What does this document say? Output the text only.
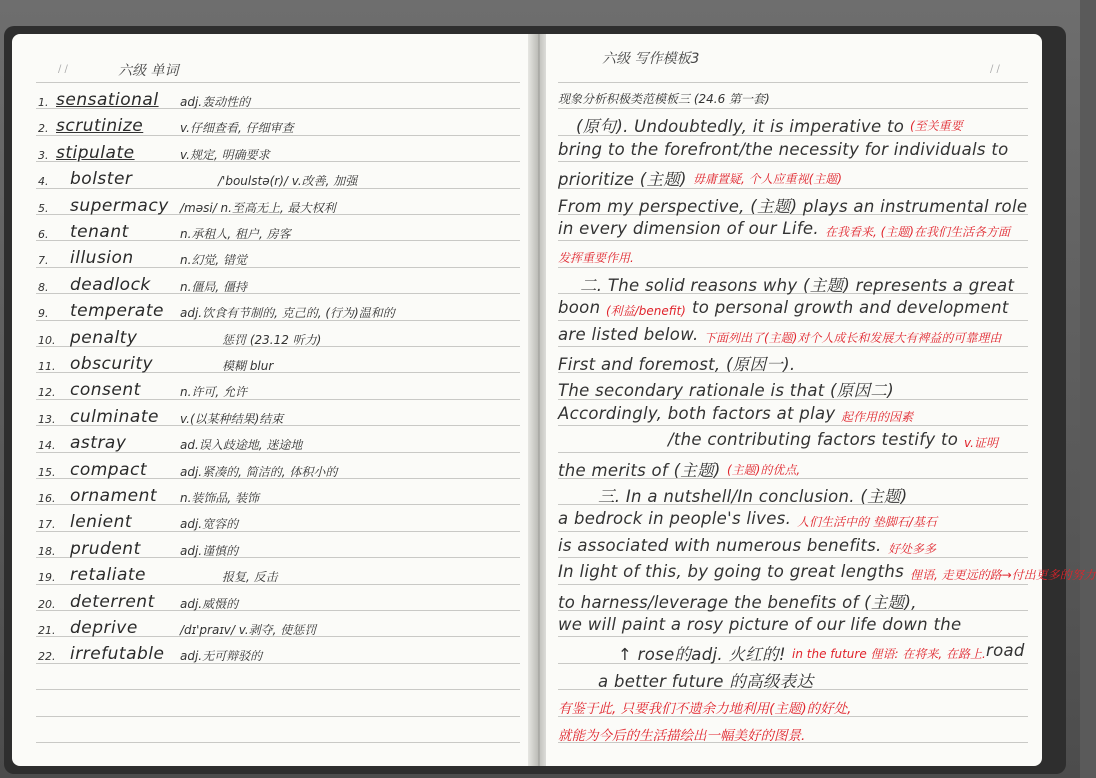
/ /	六级 单词
1. sensational adj.轰动性的
2. scrutinize	v.仔细查看, 仔细审查
3. stipulate	v.规定, 明确要求
4. bolster	/'boulstə(r)/ v.改善, 加强
5. supermacy /məsi/ n.至高无上, 最大权利
6. tenant	n.承租人, 租户, 房客
7. illusion	n.幻觉, 错觉
8. deadlock n.僵局, 僵持
9. temperate adj.饮食有节制的, 克己的, (行为)温和的
10. penalty	惩罚 (23.12 听力)
11. obscurity	模糊 blur
12. consent	n.许可, 允许
13. culminate v.(以某种结果)结束
14. astray	ad.误入歧途地, 迷途地
15. compact	adj.紧凑的, 简洁的, 体积小的
16. ornament n.装饰品, 装饰
17. lenient	adj.宽容的
18. prudent	adj.谨慎的
19. retaliate	报复, 反击
20. deterrent adj.威慑的
21. deprive	/dɪ'praɪv/ v.剥夺, 使惩罚
22. irrefutable adj.无可辩驳的
/ /
六级 写作模板3
现象分析积极类范模板三 (24.6 第一套)
(原句). Undoubtedly, it is imperative to (至关重要
bring to the forefront/the necessity for individuals to
prioritize (主题) 毋庸置疑, 个人应重视(主题)
From my perspective, (主题) plays an instrumental role
in every dimension of our Life. 在我看来, (主题)在我们生活各方面
发挥重要作用.
二. The solid reasons why (主题) represents a great
boon (利益/benefit) to personal growth and development
are listed below. 下面列出了(主题)对个人成长和发展大有裨益的可靠理由
First and foremost, (原因一).
The secondary rationale is that (原因二)
Accordingly, both factors at play 起作用的因素
/the contributing factors testify to v.证明
the merits of (主题) (主题)的优点,
三. In a nutshell/In conclusion. (主题)
a bedrock in people's lives. 人们生活中的 垫脚石/基石
is associated with numerous benefits. 好处多多
In light of this, by going to great lengths 俚语, 走更远的路→付出更多的努力
to harness/leverage the benefits of (主题),
we will paint a rosy picture of our life down the
↑ rose的adj. 火红的! in the future 俚语: 在将来, 在路上. road
a better future 的高级表达
有鉴于此, 只要我们不遗余力地利用(主题)的好处,
就能为今后的生活描绘出一幅美好的图景.
